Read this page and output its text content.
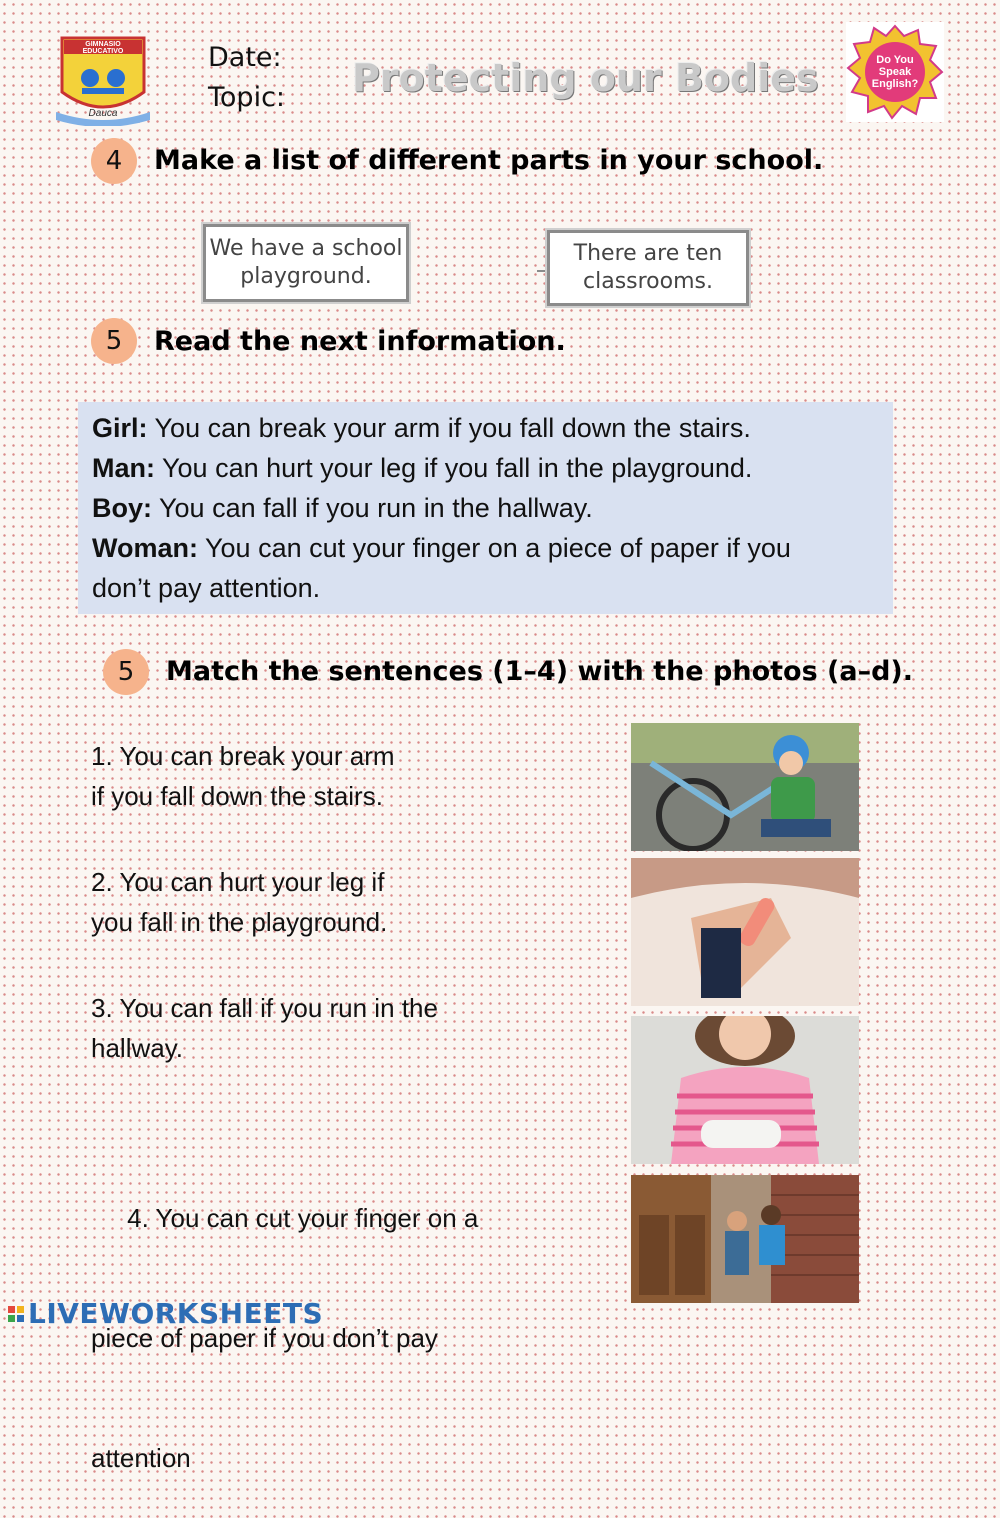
GIMNASIO EDUCATIVO
Dauca
Date:
Topic: Protecting our Bodies	Do You Speak English?
4	Make a list of different parts in your school.
We have a school playground.
There are ten classrooms.
5	Read the next information.
Girl: You can break your arm if you fall down the stairs.
Man: You can hurt your leg if you fall in the playground.
Boy: You can fall if you run in the hallway.
Woman: You can cut your finger on a piece of paper if you
don’t pay attention.
5	Match the sentences (1–4) with the photos (a–d).
1. You can break your arm
if you fall down the stairs.
2. You can hurt your leg if
you fall in the playground.
3. You can fall if you run in the
hallway.

4. You can cut your finger on a

piece of paper if you don’t pay

attention

LIVEWORKSHEETS
